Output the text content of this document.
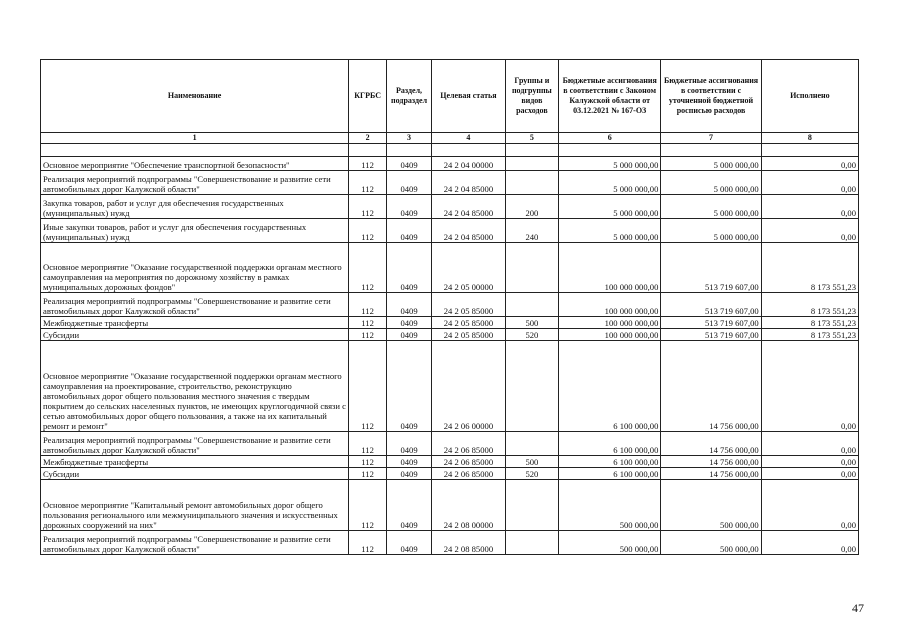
Наименование	КГРБС	Раздел, подраздел	Целевая статья	Группы и подгруппы видов расходов	Бюджетные ассигнования в соответствии с Законом Калужской области от 03.12.2021 № 167-ОЗ	Бюджетные ассигнования в соответствии с уточненной бюджетной росписью расходов	Исполнено
1	2	3	4	5	6	7	8

Основное мероприятие "Обеспечение транспортной безопасности"	112	0409	24 2 04 00000		5 000 000,00	5 000 000,00	0,00
Реализация мероприятий подпрограммы "Совершенствование и развитие сети автомобильных дорог Калужской области"	112	0409	24 2 04 85000		5 000 000,00	5 000 000,00	0,00
Закупка товаров, работ и услуг для обеспечения государственных (муниципальных) нужд	112	0409	24 2 04 85000	200	5 000 000,00	5 000 000,00	0,00
Иные закупки товаров, работ и услуг для обеспечения государственных (муниципальных) нужд	112	0409	24 2 04 85000	240	5 000 000,00	5 000 000,00	0,00
Основное мероприятие "Оказание государственной поддержки органам местного самоуправления на мероприятия по дорожному хозяйству в рамках муниципальных дорожных фондов"	112	0409	24 2 05 00000		100 000 000,00	513 719 607,00	8 173 551,23
Реализация мероприятий подпрограммы "Совершенствование и развитие сети автомобильных дорог Калужской области"	112	0409	24 2 05 85000		100 000 000,00	513 719 607,00	8 173 551,23
Межбюджетные трансферты	112	0409	24 2 05 85000	500	100 000 000,00	513 719 607,00	8 173 551,23
Субсидии	112	0409	24 2 05 85000	520	100 000 000,00	513 719 607,00	8 173 551,23
Основное мероприятие "Оказание государственной поддержки органам местного самоуправления на проектирование, строительство, реконструкцию автомобильных дорог общего пользования местного значения с твердым покрытием до сельских населенных пунктов, не имеющих круглогодичной связи с сетью автомобильных дорог общего пользования, а также на их капитальный ремонт и ремонт"	112	0409	24 2 06 00000		6 100 000,00	14 756 000,00	0,00
Реализация мероприятий подпрограммы "Совершенствование и развитие сети автомобильных дорог Калужской области"	112	0409	24 2 06 85000		6 100 000,00	14 756 000,00	0,00
Межбюджетные трансферты	112	0409	24 2 06 85000	500	6 100 000,00	14 756 000,00	0,00
Субсидии	112	0409	24 2 06 85000	520	6 100 000,00	14 756 000,00	0,00
Основное мероприятие "Капитальный ремонт автомобильных дорог общего пользования регионального или межмуниципального значения и искусственных дорожных сооружений на них"	112	0409	24 2 08 00000		500 000,00	500 000,00	0,00
Реализация мероприятий подпрограммы "Совершенствование и развитие сети автомобильных дорог Калужской области"	112	0409	24 2 08 85000		500 000,00	500 000,00	0,00
47
